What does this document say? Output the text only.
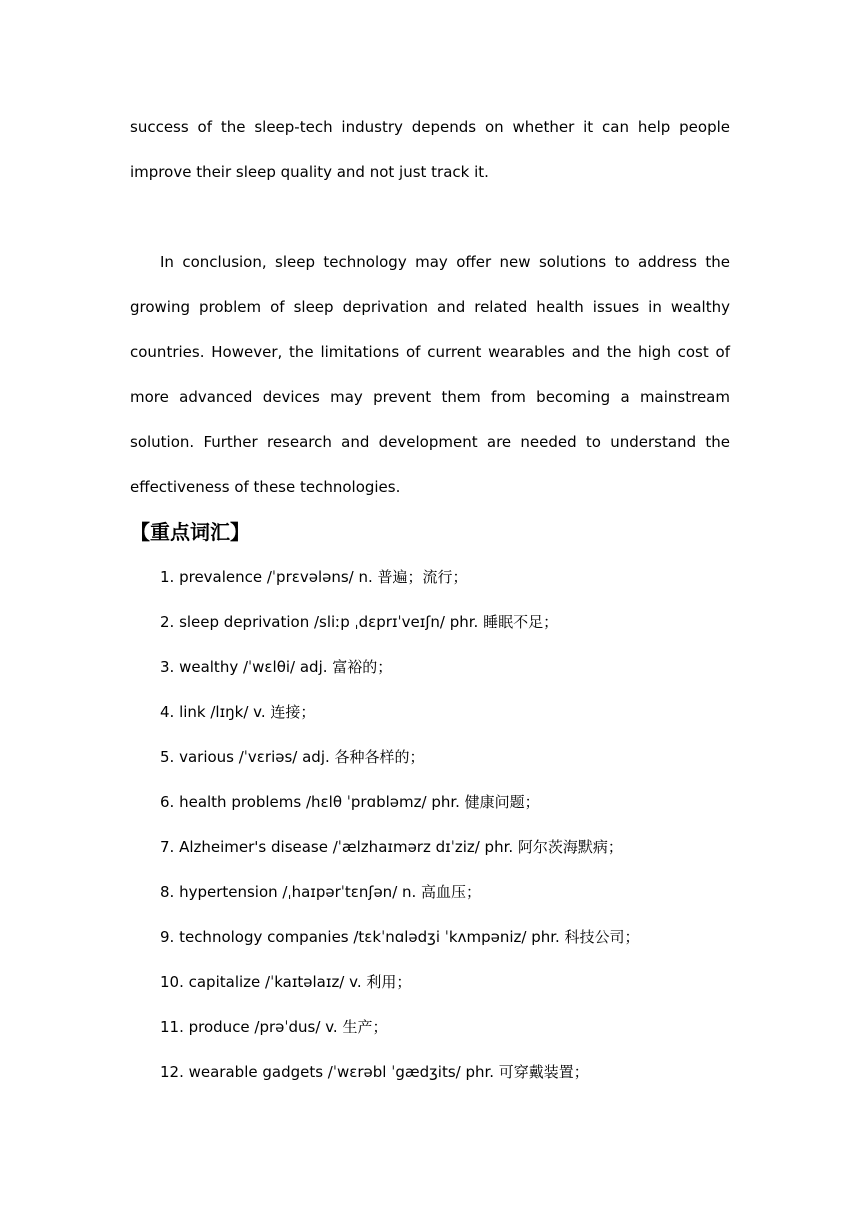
success of the sleep-tech industry depends on whether it can help people improve their sleep quality and not just track it.

In conclusion, sleep technology may offer new solutions to address the growing problem of sleep deprivation and related health issues in wealthy countries. However, the limitations of current wearables and the high cost of more advanced devices may prevent them from becoming a mainstream solution. Further research and development are needed to understand the effectiveness of these technologies.

【重点词汇】
1. prevalence /ˈprɛvələns/ n. 普遍；流行；
2. sleep deprivation /sliːp ˌdɛprɪˈveɪʃn/ phr. 睡眠不足；
3. wealthy /ˈwɛlθi/ adj. 富裕的；
4. link /lɪŋk/ v. 连接；
5. various /ˈvɛriəs/ adj. 各种各样的；
6. health problems /hɛlθ ˈprɑbləmz/ phr. 健康问题；
7. Alzheimer's disease /ˈælzhaɪmərz dɪˈziz/ phr. 阿尔茨海默病；
8. hypertension /ˌhaɪpərˈtɛnʃən/ n. 高血压；
9. technology companies /tɛkˈnɑlədʒi ˈkʌmpəniz/ phr. 科技公司；
10. capitalize /ˈkaɪtəlaɪz/ v. 利用；
11. produce /prəˈdus/ v. 生产；
12. wearable gadgets /ˈwɛrəbl ˈgædʒits/ phr. 可穿戴装置；
